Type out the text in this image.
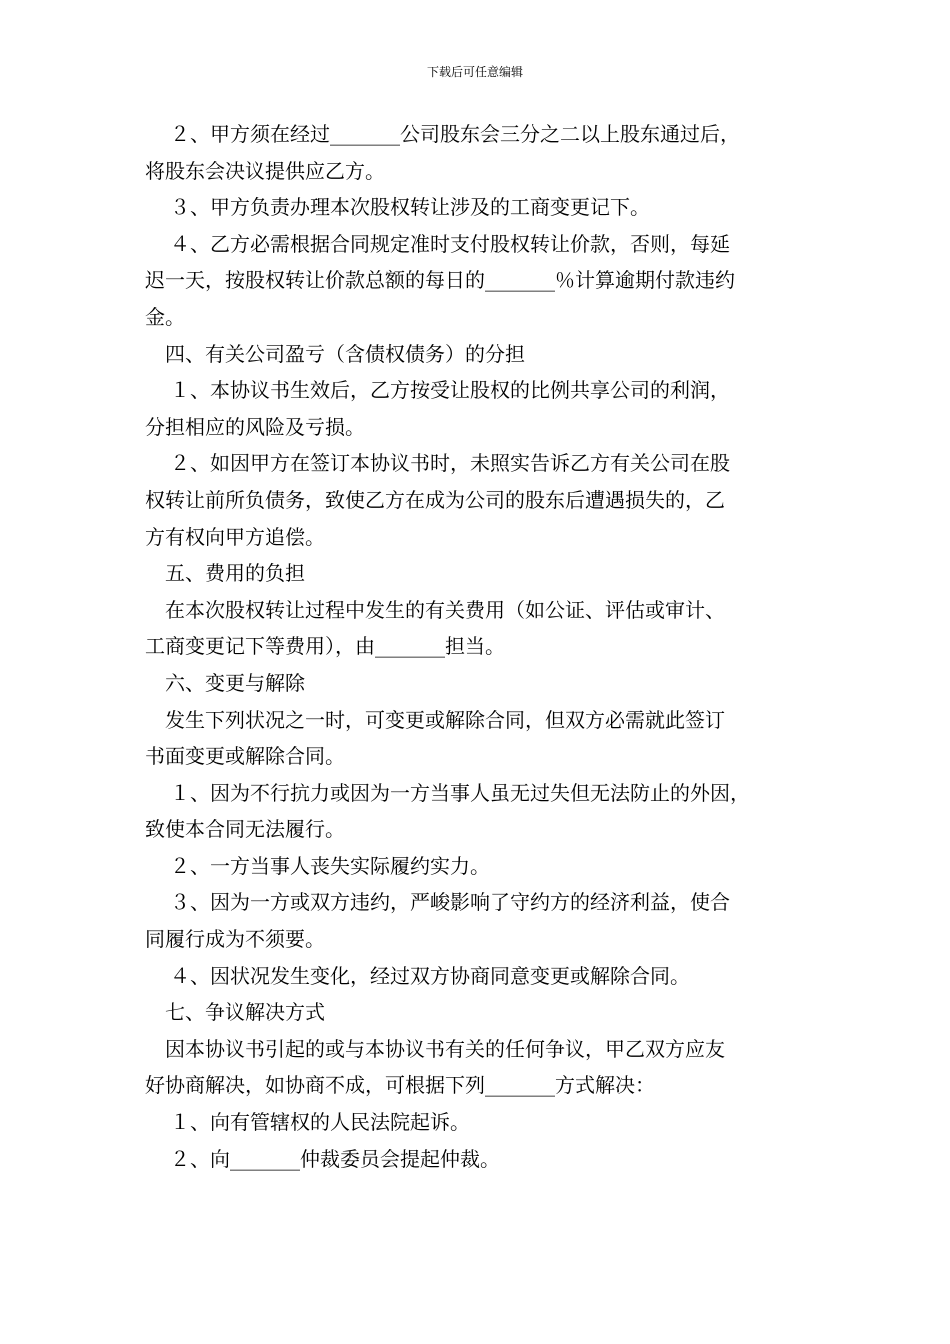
下载后可任意编辑
２、甲方须在经过_______公司股东会三分之二以上股东通过后，
将股东会决议提供应乙方。
３、甲方负责办理本次股权转让涉及的工商变更记下。
４、乙方必需根据合同规定准时支付股权转让价款，否则，每延
迟一天，按股权转让价款总额的每日的_______％计算逾期付款违约
金。
四、有关公司盈亏（含债权债务）的分担
１、本协议书生效后，乙方按受让股权的比例共享公司的利润，
分担相应的风险及亏损。
２、如因甲方在签订本协议书时，未照实告诉乙方有关公司在股
权转让前所负债务，致使乙方在成为公司的股东后遭遇损失的，乙
方有权向甲方追偿。
五、费用的负担
在本次股权转让过程中发生的有关费用（如公证、评估或审计、
工商变更记下等费用），由_______担当。
六、变更与解除
发生下列状况之一时，可变更或解除合同，但双方必需就此签订
书面变更或解除合同。
１、因为不行抗力或因为一方当事人虽无过失但无法防止的外因，
致使本合同无法履行。
２、一方当事人丧失实际履约实力。
３、因为一方或双方违约，严峻影响了守约方的经济利益，使合
同履行成为不须要。
４、因状况发生变化，经过双方协商同意变更或解除合同。
七、争议解决方式
因本协议书引起的或与本协议书有关的任何争议，甲乙双方应友
好协商解决，如协商不成，可根据下列_______方式解决：
１、向有管辖权的人民法院起诉。
２、向_______仲裁委员会提起仲裁。
